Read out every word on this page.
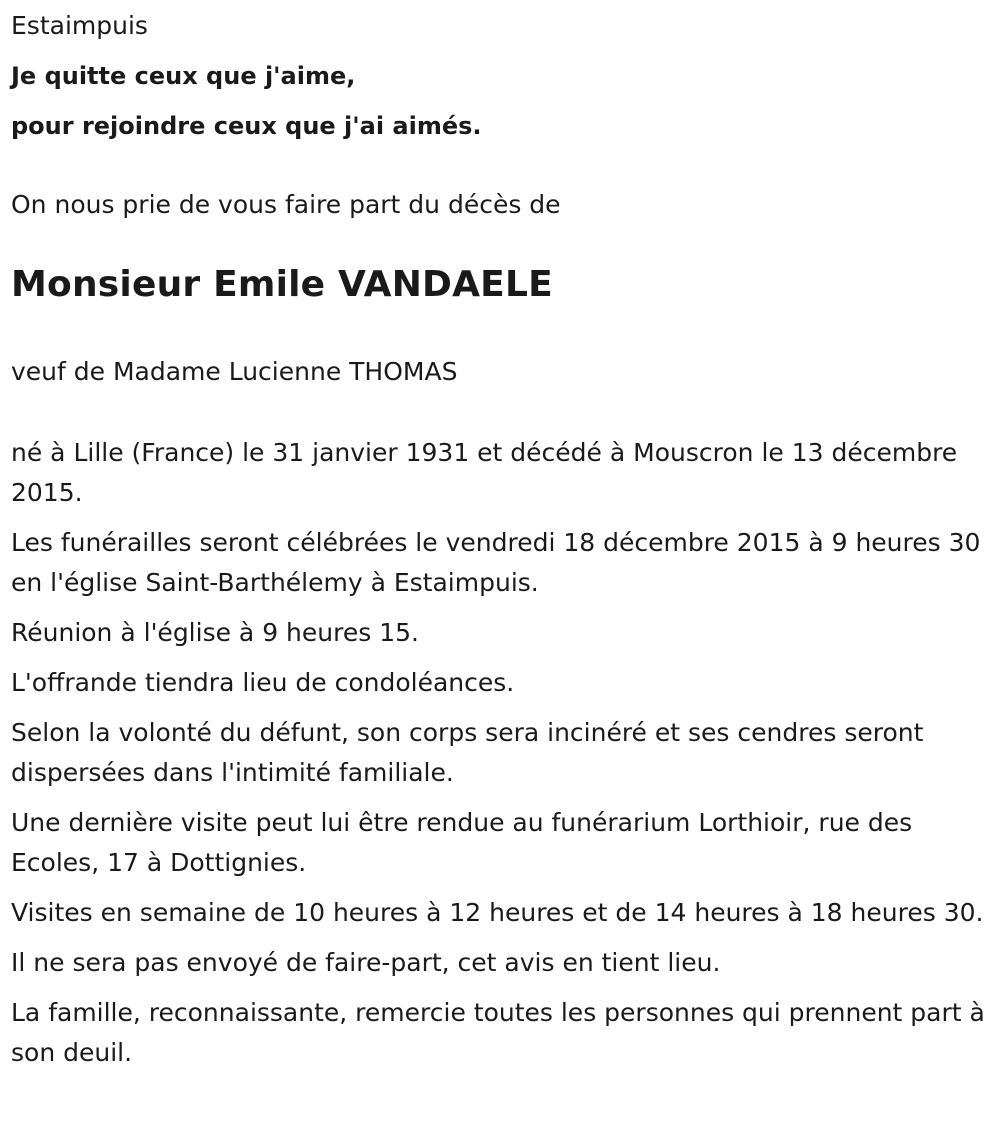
Estaimpuis
Je quitte ceux que j'aime,
pour rejoindre ceux que j'ai aimés.
On nous prie de vous faire part du décès de
Monsieur Emile VANDAELE
veuf de Madame Lucienne THOMAS

né à Lille (France) le 31 janvier 1931 et décédé à Mouscron le 13 décembre 2015.

Les funérailles seront célébrées le vendredi 18 décembre 2015 à 9 heures 30 en l'église Saint-Barthélemy à Estaimpuis.

Réunion à l'église à 9 heures 15.

L'offrande tiendra lieu de condoléances.

Selon la volonté du défunt, son corps sera incinéré et ses cendres seront dispersées dans l'intimité familiale.

Une dernière visite peut lui être rendue au funérarium Lorthioir, rue des Ecoles, 17 à Dottignies.

Visites en semaine de 10 heures à 12 heures et de 14 heures à 18 heures 30.

Il ne sera pas envoyé de faire-part, cet avis en tient lieu.

La famille, reconnaissante, remercie toutes les personnes qui prennent part à son deuil.
